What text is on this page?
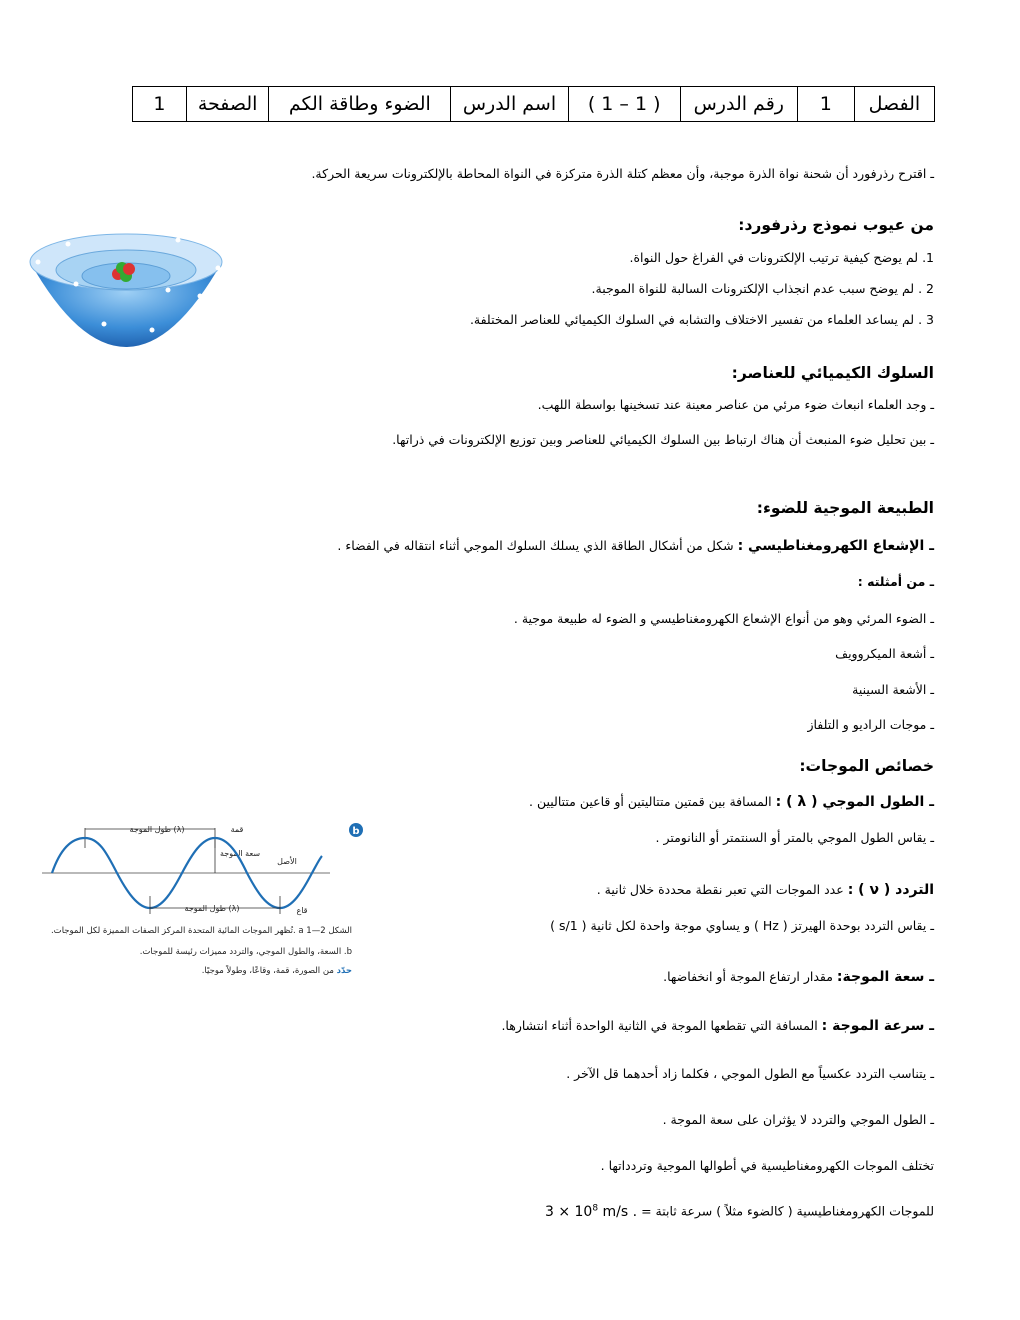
الفصل	1	رقم الدرس	( 1 – 1 )	اسم الدرس	الضوء وطاقة الكم	الصفحة	1
ـ اقترح رذرفورد أن شحنة نواة الذرة موجبة، وأن معظم كتلة الذرة متركزة في النواة المحاطة بالإلكترونات سريعة الحركة.
من عيوب نموذج رذرفورد:
1. لم يوضح كيفية ترتيب الإلكترونات في الفراغ حول النواة.
2 . لم يوضح سبب عدم انجذاب الإلكترونات السالبة للنواة الموجبة.
3 . لم يساعد العلماء من تفسير الاختلاف والتشابه في السلوك الكيميائي للعناصر المختلفة.
السلوك الكيميائي للعناصر:
ـ وجد العلماء انبعاث ضوء مرئي من عناصر معينة عند تسخينها بواسطة اللهب.
ـ بين تحليل ضوء المنبعث أن هناك ارتباط بين السلوك الكيميائي للعناصر وبين توزيع الإلكترونات في ذراتها.
الطبيعة الموجية للضوء:
ـ الإشعاع الكهرومغناطيسي : شكل من أشكال الطاقة الذي يسلك السلوك الموجي أثناء انتقاله في الفضاء .
ـ من أمثلته :
ـ الضوء المرئي وهو من أنواع الإشعاع الكهرومغناطيسي و الضوء له طبيعة موجية .
ـ أشعة الميكروويف
ـ الأشعة السينية
ـ موجات الراديو و التلفاز
خصائص الموجات:
ـ الطول الموجي ( λ ) : المسافة بين قمتين متتاليتين أو قاعين متتاليين .
ـ يقاس الطول الموجي بالمتر أو السنتمتر أو النانومتر .
التردد ( ν ) : عدد الموجات التي تعبر نقطة محددة خلال ثانية .
ـ يقاس التردد بوحدة الهيرتز ( Hz ) و يساوي موجة واحدة لكل ثانية ( 1/s )
ـ سعة الموجة: مقدار ارتفاع الموجة أو انخفاضها.
ـ سرعة الموجة : المسافة التي تقطعها الموجة في الثانية الواحدة أثناء انتشارها.
ـ يتناسب التردد عكسياً مع الطول الموجي ، فكلما زاد أحدهما قل الآخر .
ـ الطول الموجي والتردد لا يؤثران على سعة الموجة .
تختلف الموجات الكهرومغناطيسية في أطوالها الموجية وتردداتها .
للموجات الكهرومغناطيسية ( كالضوء مثلاً ) سرعة ثابتة = $3 \times 10^8$ m/s .
b
طول الموجة (λ)	قمة
الأصل
سعة الموجة
طول الموجة (λ)	قاع
الشكل 2—1 a .تُظهر الموجات المائية المتحدة المركز الصفات المميزة لكل الموجات.
b. السعة، والطول الموجي، والتردد مميزات رئيسة للموجات.
حدّد من الصورة، قمة، وقاعًا، وطولاً موجيًا.
